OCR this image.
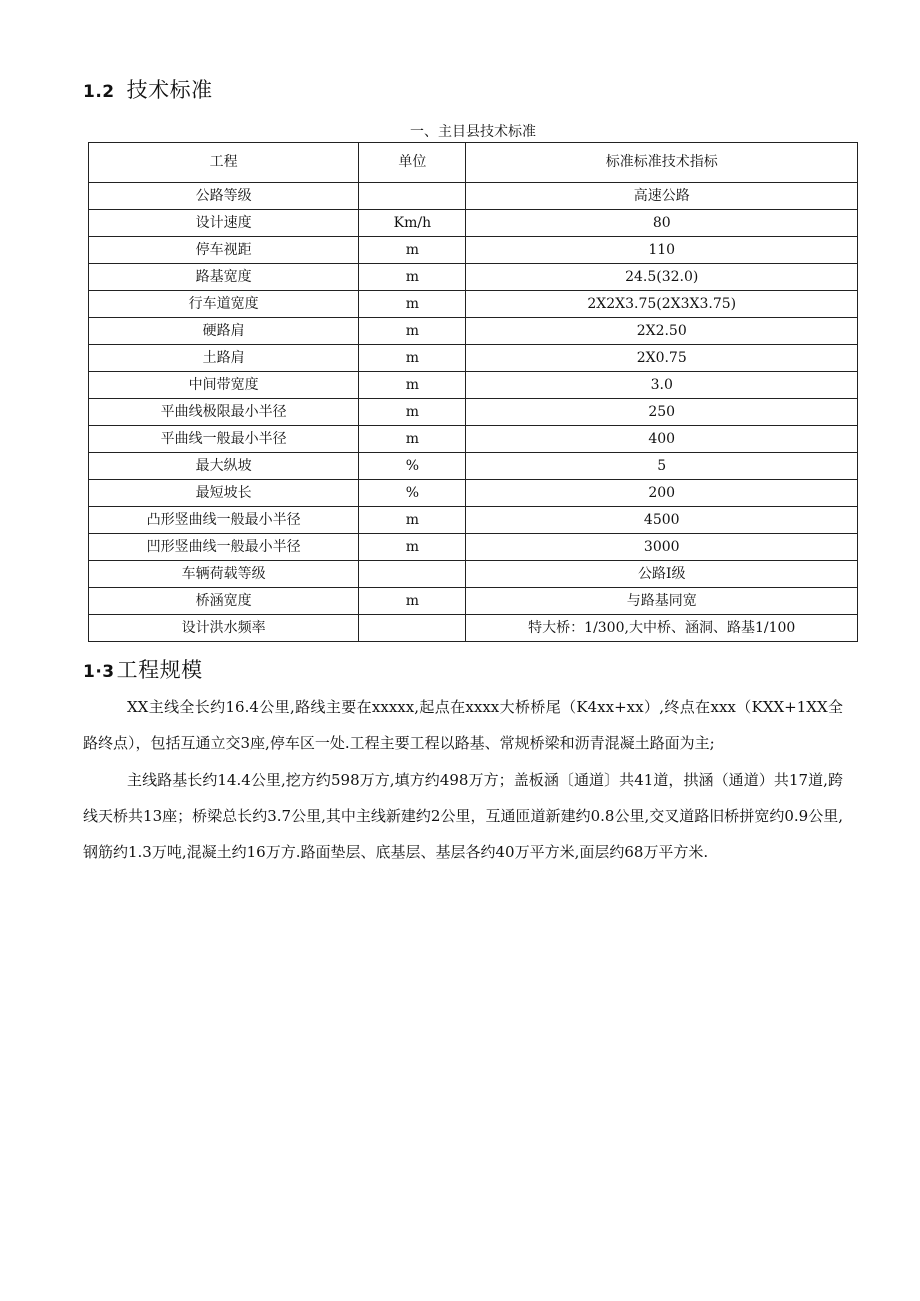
1.2 技术标准
一、主目县技术标准
工程	单位	标准标准技术指标
公路等级		高速公路
设计速度	Km/h	80
停车视距	m	110
路基宽度	m	24.5(32.0)
行车道宽度	m	2X2X3.75(2X3X3.75)
硬路肩	m	2X2.50
土路肩	m	2X0.75
中间带宽度	m	3.0
平曲线极限最小半径	m	250
平曲线一般最小半径	m	400
最大纵坡	%	5
最短坡长	%	200
凸形竖曲线一般最小半径	m	4500
凹形竖曲线一般最小半径	m	3000
车辆荷载等级		公路Ⅰ级
桥涵宽度	m	与路基同宽
设计洪水频率		特大桥：1/300,大中桥、涵洞、路基1/100
1·3工程规模

XX主线全长约16.4公里,路线主要在xxxxx,起点在xxxx大桥桥尾（K4xx+xx）,终点在xxx（KXX+1XX全路终点），包括互通立交3座,停车区一处.工程主要工程以路基、常规桥梁和沥青混凝土路面为主;

主线路基长约14.4公里,挖方约598万方,填方约498万方；盖板涵〔通道〕共41道，拱涵（通道）共17道,跨线天桥共13座；桥梁总长约3.7公里,其中主线新建约2公里，互通匝道新建约0.8公里,交叉道路旧桥拼宽约0.9公里,钢筋约1.3万吨,混凝土约16万方.路面垫层、底基层、基层各约40万平方米,面层约68万平方米.
